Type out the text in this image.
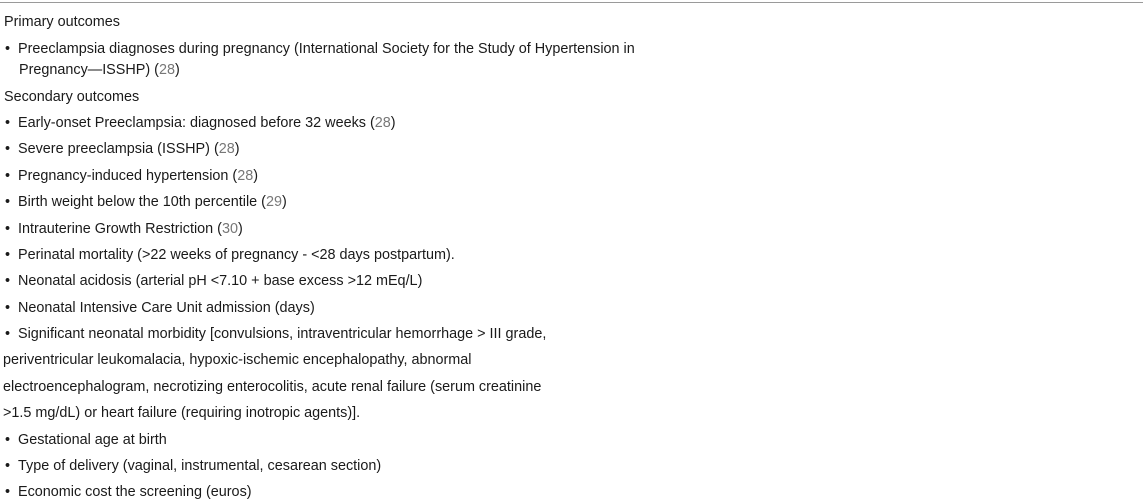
Primary outcomes
• Preeclampsia diagnoses during pregnancy (International Society for the Study of Hypertension in
Pregnancy—ISSHP) (28)
Secondary outcomes
• Early-onset Preeclampsia: diagnosed before 32 weeks (28)
• Severe preeclampsia (ISSHP) (28)
• Pregnancy-induced hypertension (28)
• Birth weight below the 10th percentile (29)
• Intrauterine Growth Restriction (30)
• Perinatal mortality (>22 weeks of pregnancy - <28 days postpartum).
• Neonatal acidosis (arterial pH <7.10 + base excess >12 mEq/L)
• Neonatal Intensive Care Unit admission (days)
• Significant neonatal morbidity [convulsions, intraventricular hemorrhage > III grade,
periventricular leukomalacia, hypoxic-ischemic encephalopathy, abnormal
electroencephalogram, necrotizing enterocolitis, acute renal failure (serum creatinine
>1.5 mg/dL) or heart failure (requiring inotropic agents)].
• Gestational age at birth
• Type of delivery (vaginal, instrumental, cesarean section)
• Economic cost the screening (euros)
